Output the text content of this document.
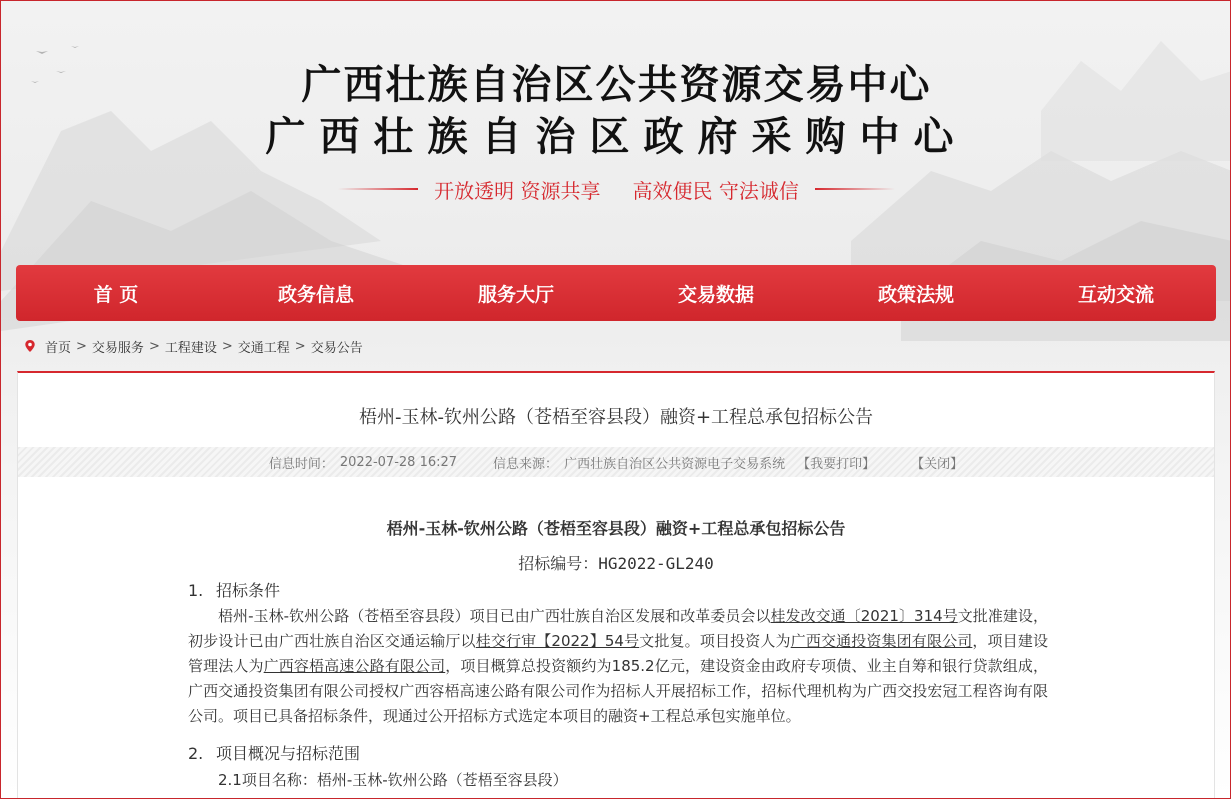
广西壮族自治区公共资源交易中心
广西壮族自治区政府采购中心
开放透明 资源共享 高效便民 守法诚信
首 页	政务信息	服务大厅	交易数据	政策法规	互动交流
首页 > 交易服务 > 工程建设 > 交通工程 > 交易公告
梧州-玉林-钦州公路（苍梧至容县段）融资+工程总承包招标公告
信息时间： 2022-07-28 16:27	信息来源： 广西壮族自治区公共资源电子交易系统 【我要打印】	【关闭】
梧州-玉林-钦州公路（苍梧至容县段）融资+工程总承包招标公告
招标编号：HG2022-GL240
1. 招标条件
梧州-玉林-钦州公路（苍梧至容县段）项目已由广西壮族自治区发展和改革委员会以桂发改交通〔2021〕314号文批准建设，初步设计已由广西壮族自治区交通运输厅以桂交行审【2022】54号文批复。项目投资人为广西交通投资集团有限公司，项目建设管理法人为广西容梧高速公路有限公司，项目概算总投资额约为185.2亿元，建设资金由政府专项债、业主自筹和银行贷款组成，广西交通投资集团有限公司授权广西容梧高速公路有限公司作为招标人开展招标工作，招标代理机构为广西交投宏冠工程咨询有限公司。项目已具备招标条件，现通过公开招标方式选定本项目的融资+工程总承包实施单位。
2. 项目概况与招标范围
2.1项目名称：梧州-玉林-钦州公路（苍梧至容县段）
